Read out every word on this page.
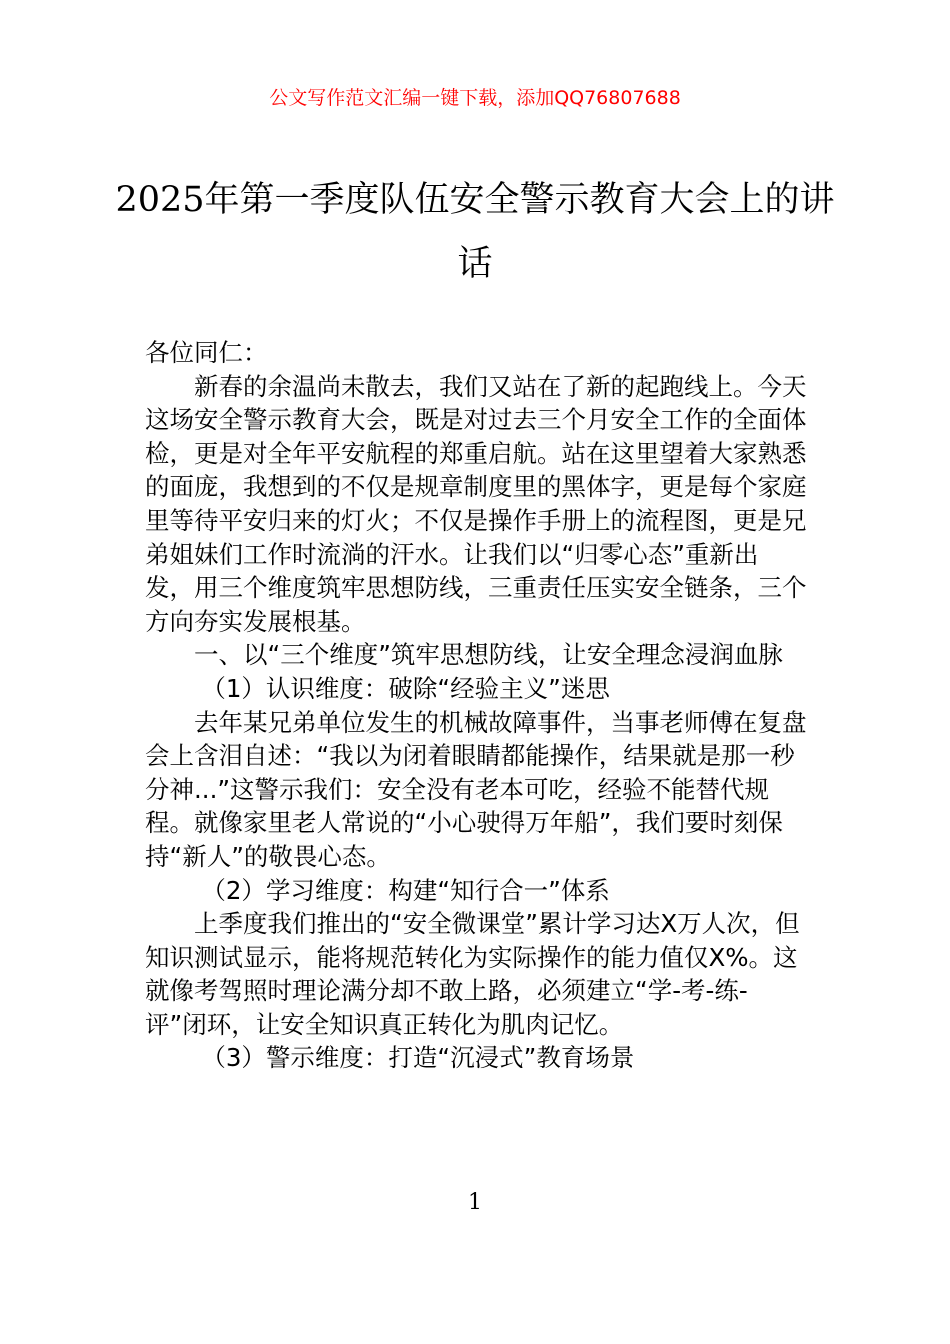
公文写作范文汇编一键下载，添加QQ76807688
2025年第一季度队伍安全警示教育大会上的讲话

各位同仁：

新春的余温尚未散去，我们又站在了新的起跑线上。今天这场安全警示教育大会，既是对过去三个月安全工作的全面体检，更是对全年平安航程的郑重启航。站在这里望着大家熟悉的面庞，我想到的不仅是规章制度里的黑体字，更是每个家庭里等待平安归来的灯火；不仅是操作手册上的流程图，更是兄弟姐妹们工作时流淌的汗水。让我们以“归零心态”重新出发，用三个维度筑牢思想防线，三重责任压实安全链条，三个方向夯实发展根基。

一、以“三个维度”筑牢思想防线，让安全理念浸润血脉

（1）认识维度：破除“经验主义”迷思

去年某兄弟单位发生的机械故障事件，当事老师傅在复盘会上含泪自述：“我以为闭着眼睛都能操作，结果就是那一秒分神...”这警示我们：安全没有老本可吃，经验不能替代规程。就像家里老人常说的“小心驶得万年船”，我们要时刻保持“新人”的敬畏心态。

（2）学习维度：构建“知行合一”体系

上季度我们推出的“安全微课堂”累计学习达X万人次，但知识测试显示，能将规范转化为实际操作的能力值仅X%。这就像考驾照时理论满分却不敢上路，必须建立“学-考-练-评”闭环，让安全知识真正转化为肌肉记忆。

（3）警示维度：打造“沉浸式”教育场景

1
